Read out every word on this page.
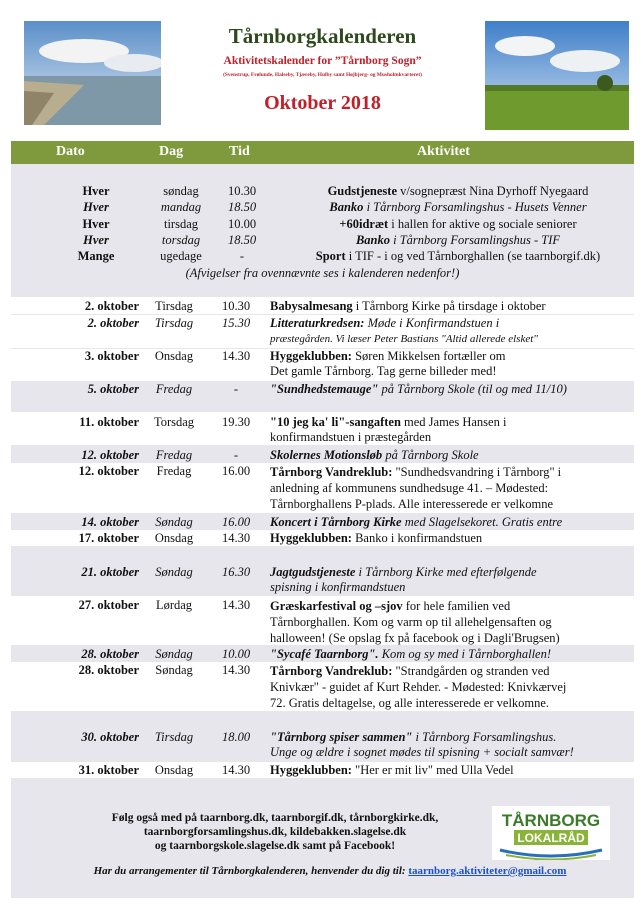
Tårnborgkalenderen
Aktivitetskalender for ”Tårnborg Sogn”
(Svenstrup, Frølunde, Halseby, Tjæreby, Hulby samt Højbjerg- og Musholmkvarteret)
Oktober 2018
Dato	Dag	Tid	Aktivitet
Hver	søndag	10.30	Gudstjeneste v/sognepræst Nina Dyrhoff Nyegaard
Hver	mandag	18.50	Banko i Tårnborg Forsamlingshus - Husets Venner
Hver	tirsdag	10.00	+60idræt i hallen for aktive og sociale seniorer
Hver	torsdag	18.50	Banko i Tårnborg Forsamlingshus - TIF
Mange	ugedage	-	Sport i TIF - i og ved Tårnborghallen (se taarnborgif.dk)
(Afvigelser fra ovennævnte ses i kalenderen nedenfor!)
2. oktober	Tirsdag	10.30	Babysalmesang i Tårnborg Kirke på tirsdage i oktober
2. oktober	Tirsdag	15.30	Litteraturkredsen: Møde i Konfirmandstuen i
præstegården. Vi læser Peter Bastians "Altid allerede elsket"
3. oktober	Onsdag	14.30	Hyggeklubben: Søren Mikkelsen fortæller om
Det gamle Tårnborg. Tag gerne billeder med!
5. oktober	Fredag	-	"Sundhedstemauge" på Tårnborg Skole (til og med 11/10)
11. oktober	Torsdag	19.30	"10 jeg ka' li"-sangaften med James Hansen i
konfirmandstuen i præstegården
12. oktober	Fredag	-	Skolernes Motionsløb på Tårnborg Skole
12. oktober	Fredag	16.00	Tårnborg Vandreklub: "Sundhedsvandring i Tårnborg" i
anledning af kommunens sundhedsuge 41. – Mødested:
Tårnborghallens P-plads. Alle interesserede er velkomne
14. oktober	Søndag	16.00	Koncert i Tårnborg Kirke med Slagelsekoret. Gratis entre
17. oktober	Onsdag	14.30	Hyggeklubben: Banko i konfirmandstuen
21. oktober	Søndag	16.30	Jagtgudstjeneste i Tårnborg Kirke med efterfølgende
spisning i konfirmandstuen
27. oktober	Lørdag	14.30	Græskarfestival og –sjov for hele familien ved
Tårnborghallen. Kom og varm op til allehelgensaften og
halloween! (Se opslag fx på facebook og i Dagli'Brugsen)
28. oktober	Søndag	10.00	"Sycafé Taarnborg". Kom og sy med i Tårnborghallen!
28. oktober	Søndag	14.30	Tårnborg Vandreklub: "Strandgården og stranden ved
Knivkær" - guidet af Kurt Rehder. - Mødested: Knivkærvej
72. Gratis deltagelse, og alle interesserede er velkomne.
30. oktober	Tirsdag	18.00	"Tårnborg spiser sammen" i Tårnborg Forsamlingshus.
Unge og ældre i sognet mødes til spisning + socialt samvær!
31. oktober	Onsdag	14.30	Hyggeklubben: "Her er mit liv" med Ulla Vedel
Følg også med på taarnborg.dk, taarnborgif.dk, tårnborgkirke.dk,
taarnborgforsamlingshus.dk, kildebakken.slagelse.dk
og taarnborgskole.slagelse.dk samt på Facebook!
TÅRNBORG
LOKALRÅD
Har du arrangementer til Tårnborgkalenderen, henvender du dig til: taarnborg.aktiviteter@gmail.com
